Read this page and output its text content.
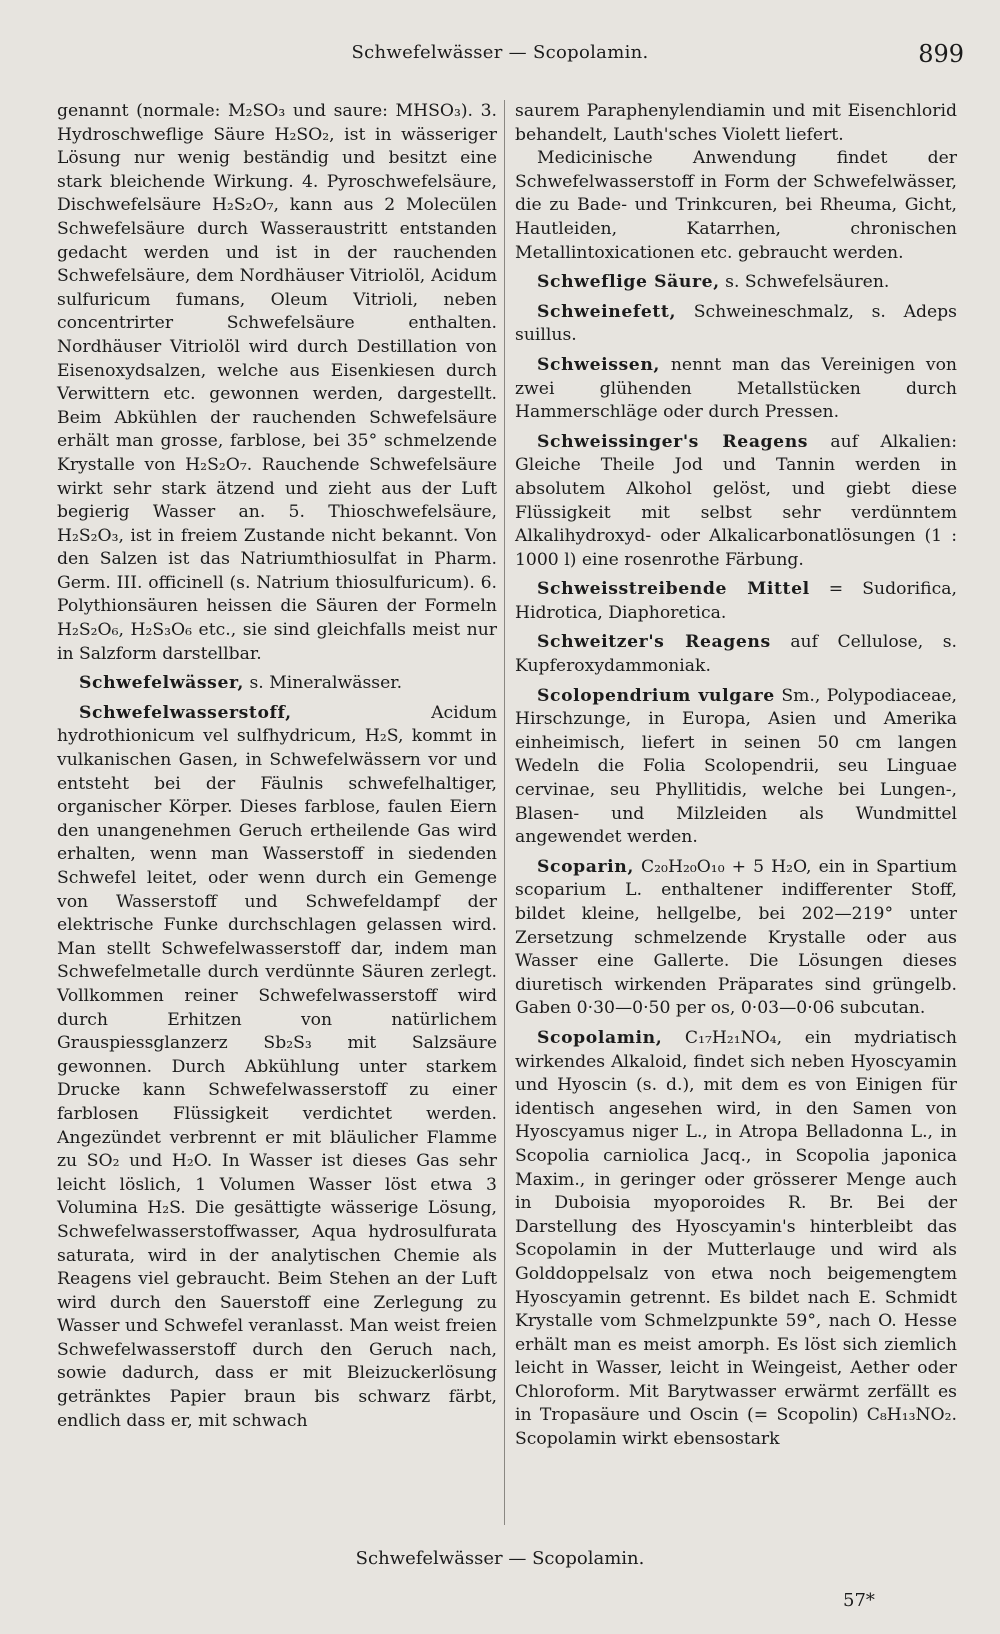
Schwefelwässer — Scopolamin.	899

genannt (normale: M₂SO₃ und saure: MHSO₃). 3. Hydroschweflige Säure H₂SO₂, ist in wässeriger Lösung nur wenig beständig und besitzt eine stark bleichende Wirkung. 4. Pyroschwefelsäure, Dischwefelsäure H₂S₂O₇, kann aus 2 Molecülen Schwefelsäure durch Wasseraustritt entstanden gedacht werden und ist in der rauchenden Schwefelsäure, dem Nordhäuser Vitriolöl, Acidum sulfuricum fumans, Oleum Vitrioli, neben concentrirter Schwefelsäure enthalten. Nordhäuser Vitriolöl wird durch Destillation von Eisenoxydsalzen, welche aus Eisenkiesen durch Verwittern etc. gewonnen werden, dargestellt. Beim Abkühlen der rauchenden Schwefelsäure erhält man grosse, farblose, bei 35° schmelzende Krystalle von H₂S₂O₇. Rauchende Schwefelsäure wirkt sehr stark ätzend und zieht aus der Luft begierig Wasser an. 5. Thioschwefelsäure, H₂S₂O₃, ist in freiem Zustande nicht bekannt. Von den Salzen ist das Natriumthiosulfat in Pharm. Germ. III. officinell (s. Natrium thiosulfuricum). 6. Polythionsäuren heissen die Säuren der Formeln H₂S₂O₆, H₂S₃O₆ etc., sie sind gleichfalls meist nur in Salzform darstellbar.

Schwefelwässer, s. Mineralwässer.

Schwefelwasserstoff, Acidum hydrothionicum vel sulfhydricum, H₂S, kommt in vulkanischen Gasen, in Schwefelwässern vor und entsteht bei der Fäulnis schwefelhaltiger, organischer Körper. Dieses farblose, faulen Eiern den unangenehmen Geruch ertheilende Gas wird erhalten, wenn man Wasserstoff in siedenden Schwefel leitet, oder wenn durch ein Gemenge von Wasserstoff und Schwefeldampf der elektrische Funke durchschlagen gelassen wird. Man stellt Schwefelwasserstoff dar, indem man Schwefelmetalle durch verdünnte Säuren zerlegt. Vollkommen reiner Schwefelwasserstoff wird durch Erhitzen von natürlichem Grauspiessglanzerz Sb₂S₃ mit Salzsäure gewonnen. Durch Abkühlung unter starkem Drucke kann Schwefelwasserstoff zu einer farblosen Flüssigkeit verdichtet werden. Angezündet verbrennt er mit bläulicher Flamme zu SO₂ und H₂O. In Wasser ist dieses Gas sehr leicht löslich, 1 Volumen Wasser löst etwa 3 Volumina H₂S. Die gesättigte wässerige Lösung, Schwefelwasserstoffwasser, Aqua hydrosulfurata saturata, wird in der analytischen Chemie als Reagens viel gebraucht. Beim Stehen an der Luft wird durch den Sauerstoff eine Zerlegung zu Wasser und Schwefel veranlasst. Man weist freien Schwefelwasserstoff durch den Geruch nach, sowie dadurch, dass er mit Bleizuckerlösung getränktes Papier braun bis schwarz färbt, endlich dass er, mit schwach

saurem Paraphenylendiamin und mit Eisenchlorid behandelt, Lauth'sches Violett liefert.

Medicinische Anwendung findet der Schwefelwasserstoff in Form der Schwefelwässer, die zu Bade- und Trinkcuren, bei Rheuma, Gicht, Hautleiden, Katarrhen, chronischen Metallintoxicationen etc. gebraucht werden.

Schweflige Säure, s. Schwefelsäuren.

Schweinefett, Schweineschmalz, s. Adeps suillus.

Schweissen, nennt man das Vereinigen von zwei glühenden Metallstücken durch Hammerschläge oder durch Pressen.

Schweissinger's Reagens auf Alkalien: Gleiche Theile Jod und Tannin werden in absolutem Alkohol gelöst, und giebt diese Flüssigkeit mit selbst sehr verdünntem Alkalihydroxyd- oder Alkalicarbonatlösungen (1 : 1000 l) eine rosenrothe Färbung.

Schweisstreibende Mittel = Sudorifica, Hidrotica, Diaphoretica.

Schweitzer's Reagens auf Cellulose, s. Kupferoxydammoniak.

Scolopendrium vulgare Sm., Polypodiaceae, Hirschzunge, in Europa, Asien und Amerika einheimisch, liefert in seinen 50 cm langen Wedeln die Folia Scolopendrii, seu Linguae cervinae, seu Phyllitidis, welche bei Lungen-, Blasen- und Milzleiden als Wundmittel angewendet werden.

Scoparin, C₂₀H₂₀O₁₀ + 5 H₂O, ein in Spartium scoparium L. enthaltener indifferenter Stoff, bildet kleine, hellgelbe, bei 202—219° unter Zersetzung schmelzende Krystalle oder aus Wasser eine Gallerte. Die Lösungen dieses diuretisch wirkenden Präparates sind grüngelb. Gaben 0·30—0·50 per os, 0·03—0·06 subcutan.

Scopolamin, C₁₇H₂₁NO₄, ein mydriatisch wirkendes Alkaloid, findet sich neben Hyoscyamin und Hyoscin (s. d.), mit dem es von Einigen für identisch angesehen wird, in den Samen von Hyoscyamus niger L., in Atropa Belladonna L., in Scopolia carniolica Jacq., in Scopolia japonica Maxim., in geringer oder grösserer Menge auch in Duboisia myoporoides R. Br. Bei der Darstellung des Hyoscyamin's hinterbleibt das Scopolamin in der Mutterlauge und wird als Golddoppelsalz von etwa noch beigemengtem Hyoscyamin getrennt. Es bildet nach E. Schmidt Krystalle vom Schmelzpunkte 59°, nach O. Hesse erhält man es meist amorph. Es löst sich ziemlich leicht in Wasser, leicht in Weingeist, Aether oder Chloroform. Mit Barytwasser erwärmt zerfällt es in Tropasäure und Oscin (= Scopolin) C₈H₁₃NO₂. Scopolamin wirkt ebensostark

Schwefelwässer — Scopolamin.
57*
